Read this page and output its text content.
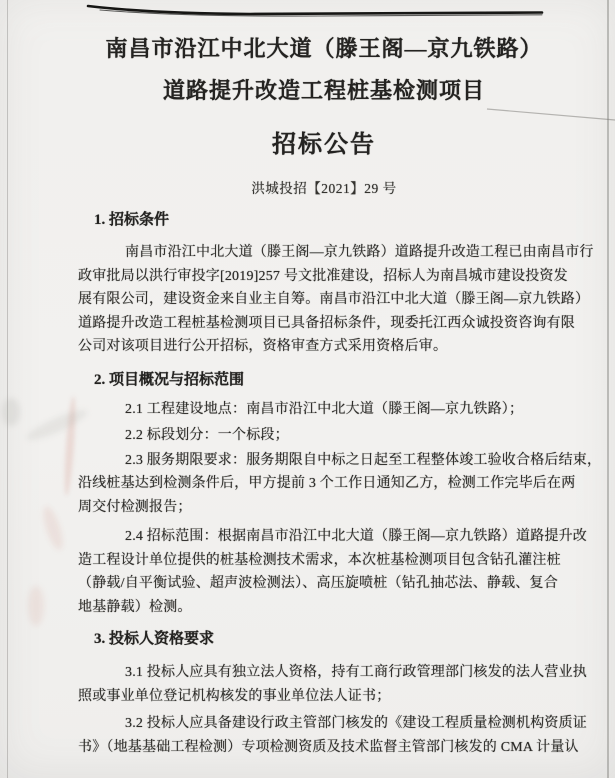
南昌市沿江中北大道（滕王阁—京九铁路）
道路提升改造工程桩基检测项目
招标公告
洪城投招【2021】29 号
1. 招标条件
南昌市沿江中北大道（滕王阁—京九铁路）道路提升改造工程已由南昌市行
政审批局以洪行审投字[2019]257 号文批准建设，招标人为南昌城市建设投资发
展有限公司，建设资金来自业主自筹。南昌市沿江中北大道（滕王阁—京九铁路）
道路提升改造工程桩基检测项目已具备招标条件，现委托江西众诚投资咨询有限
公司对该项目进行公开招标，资格审查方式采用资格后审。
2. 项目概况与招标范围
2.1 工程建设地点：南昌市沿江中北大道（滕王阁—京九铁路）；
2.2 标段划分：一个标段；
2.3 服务期限要求：服务期限自中标之日起至工程整体竣工验收合格后结束，
沿线桩基达到检测条件后，甲方提前 3 个工作日通知乙方，检测工作完毕后在两
周交付检测报告；
2.4 招标范围：根据南昌市沿江中北大道（滕王阁—京九铁路）道路提升改
造工程设计单位提供的桩基检测技术需求，本次桩基检测项目包含钻孔灌注桩
（静载/自平衡试验、超声波检测法）、高压旋喷桩（钻孔抽芯法、静载、复合
地基静载）检测。
3. 投标人资格要求
3.1 投标人应具有独立法人资格，持有工商行政管理部门核发的法人营业执
照或事业单位登记机构核发的事业单位法人证书；
3.2 投标人应具备建设行政主管部门核发的《建设工程质量检测机构资质证
书》（地基基础工程检测）专项检测资质及技术监督主管部门核发的 CMA 计量认
